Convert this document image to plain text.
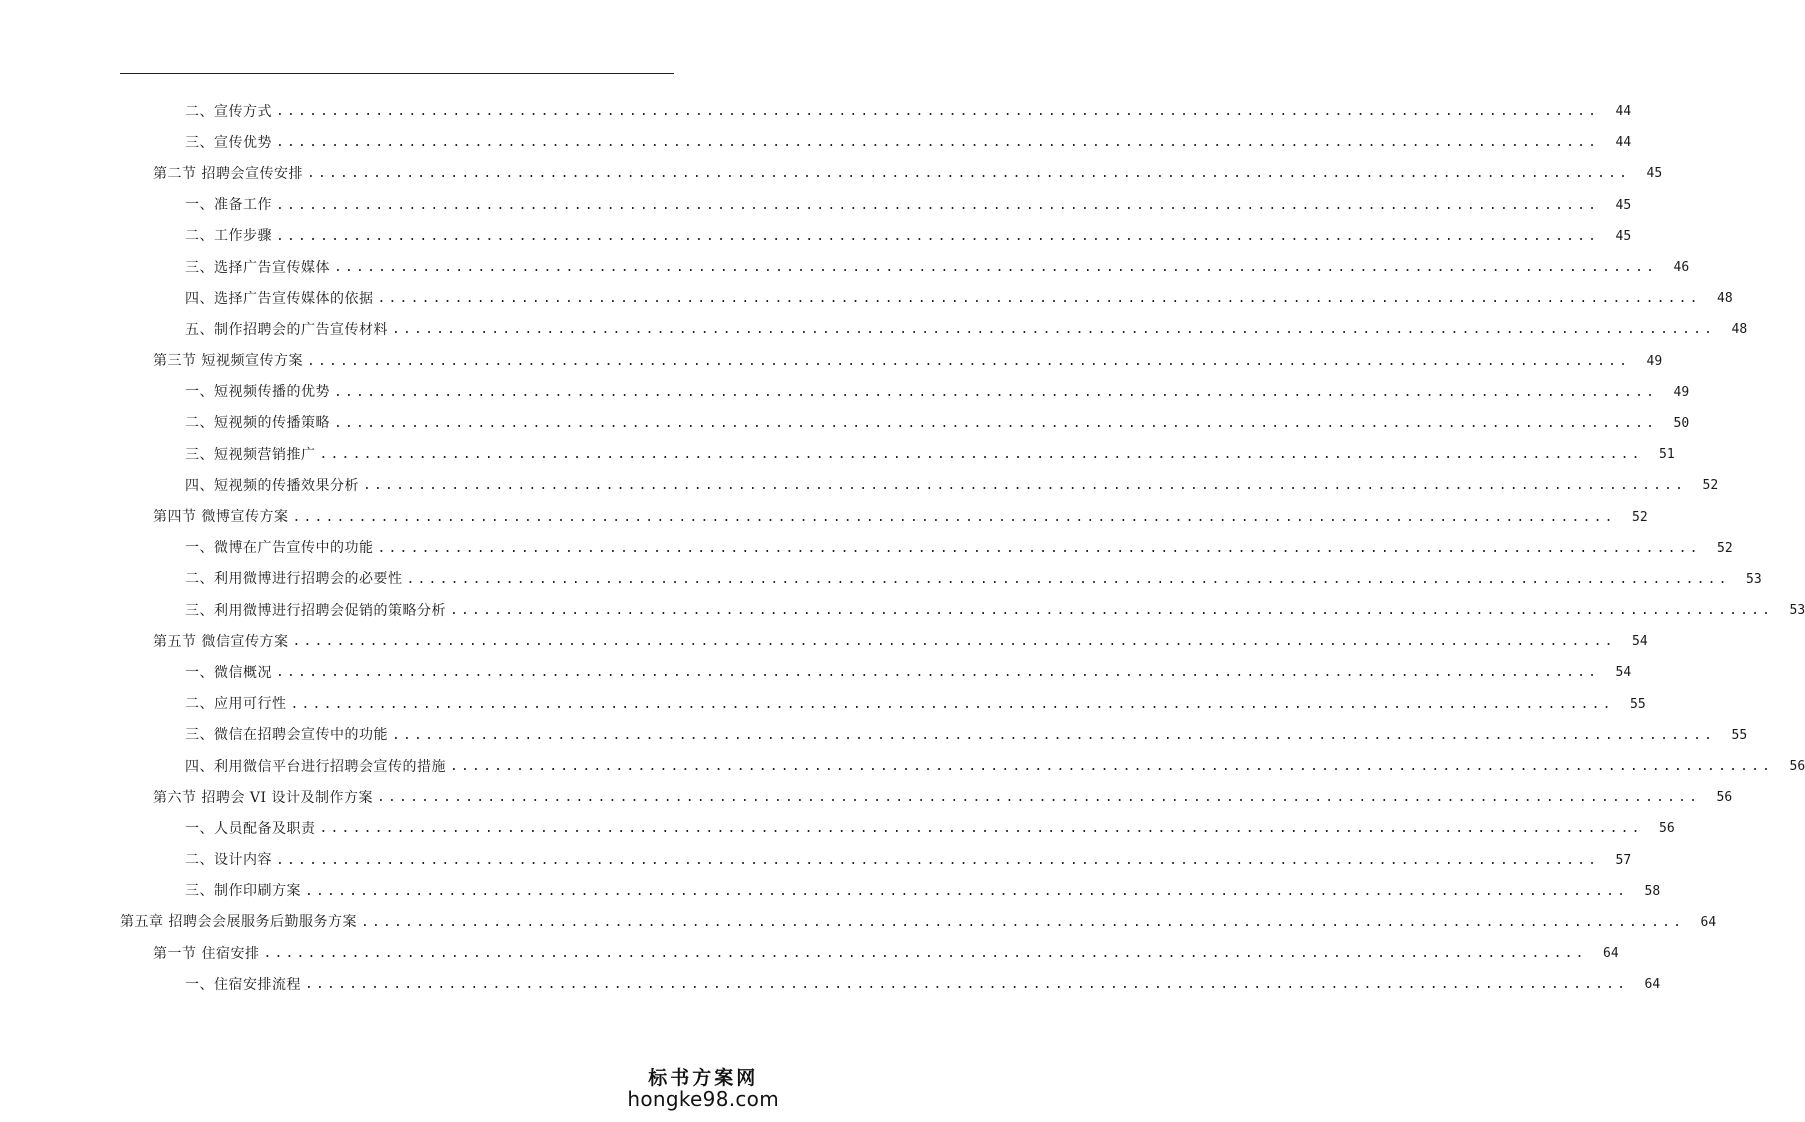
二、宣传方式 ........................................................................................................................	44
三、宣传优势 ........................................................................................................................	44
第二节 招聘会宣传安排 ........................................................................................................................	45
一、准备工作 ........................................................................................................................	45
二、工作步骤 ........................................................................................................................	45
三、选择广告宣传媒体 ........................................................................................................................	46
四、选择广告宣传媒体的依据 ........................................................................................................................	48
五、制作招聘会的广告宣传材料 ........................................................................................................................	48
第三节 短视频宣传方案 ........................................................................................................................	49
一、短视频传播的优势 ........................................................................................................................	49
二、短视频的传播策略 ........................................................................................................................	50
三、短视频营销推广 ........................................................................................................................	51
四、短视频的传播效果分析 ........................................................................................................................	52
第四节 微博宣传方案 ........................................................................................................................	52
一、微博在广告宣传中的功能 ........................................................................................................................	52
二、利用微博进行招聘会的必要性 ........................................................................................................................	53
三、利用微博进行招聘会促销的策略分析 ........................................................................................................................	53
第五节 微信宣传方案 ........................................................................................................................	54
一、微信概况 ........................................................................................................................	54
二、应用可行性 ........................................................................................................................	55
三、微信在招聘会宣传中的功能 ........................................................................................................................	55
四、利用微信平台进行招聘会宣传的措施 ........................................................................................................................	56
第六节 招聘会 VI 设计及制作方案 ........................................................................................................................	56
一、人员配备及职责 ........................................................................................................................	56
二、设计内容 ........................................................................................................................	57
三、制作印刷方案 ........................................................................................................................	58
第五章 招聘会会展服务后勤服务方案 ........................................................................................................................	64
第一节 住宿安排 ........................................................................................................................	64
一、住宿安排流程 ........................................................................................................................	64
标书方案网
hongke98.com
